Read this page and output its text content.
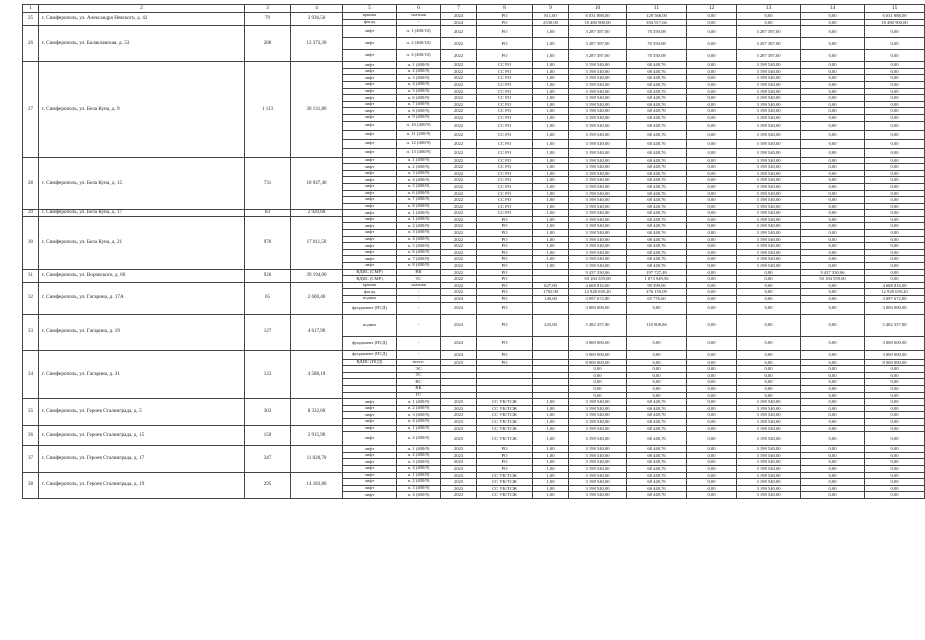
1	2	3	4	5	6	7	8	9	10	11	12	13	14	15
25	г. Симферополь, ул. Александра Невского, д. 42	79	3 936,50	крыша	скатная	2024	РО	811,00	6 031 888,00	128 568,00	0,00	0,00	0,00	6 031 888,00
				фасад	-	2024	РО	2530,00	18 480 900,00	394 917,66	0,00	0,00	0,00	18 480 900,00
26	г. Симферополь, ул. Балаклавская, д. 53	288	12 373,30	лифт	п. 1 (400/10)	2022	РО	1,00	3 287 387,00	70 350,08	0,00	3 287 387,00	0,00	0,00
				лифт	п. 2 (400/10)	2022	РО	1,00	3 287 387,00	70 350,08	0,00	3 287 387,00	0,00	0,00
				лифт	п. 3 (400/10)	2022	РО	1,00	3 287 387,00	70 350,08	0,00	3 287 387,00	0,00	0,00
27	г. Симферополь, ул. Бела Куна, д. 9	1 113	30 131,80	лифт	п. 1 (400/9)	2022	СС РО	1,00	3 198 540,00	68 448,76	0,00	3 198 540,00	0,00	0,00
				лифт	п. 2 (400/9)	2022	СС РО	1,00	3 198 540,00	68 448,76	0,00	3 198 540,00	0,00	0,00
				лифт	п. 3 (400/9)	2022	СС РО	1,00	3 198 540,00	68 448,76	0,00	3 198 540,00	0,00	0,00
				лифт	п. 4 (400/9)	2022	СС РО	1,00	3 198 540,00	68 448,76	0,00	3 198 540,00	0,00	0,00
				лифт	п. 5 (400/9)	2022	СС РО	1,00	3 198 540,00	68 448,76	0,00	3 198 540,00	0,00	0,00
				лифт	п. 6 (400/9)	2022	СС РО	1,00	3 198 540,00	68 448,76	0,00	3 198 540,00	0,00	0,00
				лифт	п. 7 (400/9)	2022	СС РО	1,00	3 198 540,00	68 448,76	0,00	3 198 540,00	0,00	0,00
				лифт	п. 8 (400/9)	2022	СС РО	1,00	3 198 540,00	68 448,76	0,00	3 198 540,00	0,00	0,00
				лифт	п. 9 (400/9)	2022	СС РО	1,00	3 198 540,00	68 448,76	0,00	3 198 540,00	0,00	0,00
				лифт	п. 10 (400/9)	2022	СС РО	1,00	3 198 540,00	68 448,76	0,00	3 198 540,00	0,00	0,00
				лифт	п. 11 (400/9)	2022	СС РО	1,00	3 198 540,00	68 448,76	0,00	3 198 540,00	0,00	0,00
				лифт	п. 12 (400/9)	2022	СС РО	1,00	3 198 540,00	68 448,76	0,00	3 198 540,00	0,00	0,00
				лифт	п. 13 (400/9)	2022	СС РО	1,00	3 198 540,00	68 448,76	0,00	3 198 540,00	0,00	0,00
28	г. Симферополь, ул. Бела Куна, д. 15	731	18 947,40	лифт	п. 1 (400/9)	2022	СС РО	1,00	3 198 540,00	68 448,76	0,00	3 198 540,00	0,00	0,00
				лифт	п. 2 (400/9)	2022	СС РО	1,00	3 198 540,00	68 448,76	0,00	3 198 540,00	0,00	0,00
				лифт	п. 3 (400/9)	2022	СС РО	1,00	3 198 540,00	68 448,76	0,00	3 198 540,00	0,00	0,00
				лифт	п. 4 (400/9)	2022	СС РО	1,00	3 198 540,00	68 448,76	0,00	3 198 540,00	0,00	0,00
				лифт	п. 5 (400/9)	2022	СС РО	1,00	3 198 540,00	68 448,76	0,00	3 198 540,00	0,00	0,00
				лифт	п. 6 (400/9)	2022	СС РО	1,00	3 198 540,00	68 448,76	0,00	3 198 540,00	0,00	0,00
				лифт	п. 7 (400/9)	2022	СС РО	1,00	3 198 540,00	68 448,76	0,00	3 198 540,00	0,00	0,00
				лифт	п. 8 (400/9)	2022	СС РО	1,00	3 198 540,00	68 448,76	0,00	3 198 540,00	0,00	0,00
29	г. Симферополь, ул. Бела Куна, д. 17	83	2 920,60	лифт	п. 1 (400/9)	2022	СС РО	1,00	3 198 540,00	68 448,76	0,00	3 198 540,00	0,00	0,00
30	г. Симферополь, ул. Бела Куна, д. 21	976	17 011,50	лифт	п. 1 (400/9)	2022	РО	1,00	3 198 540,00	68 448,76	0,00	3 198 540,00	0,00	0,00
				лифт	п. 2 (400/9)	2022	РО	1,00	3 198 540,00	68 448,76	0,00	3 198 540,00	0,00	0,00
				лифт	п. 3 (400/9)	2022	РО	1,00	3 198 540,00	68 448,76	0,00	3 198 540,00	0,00	0,00
				лифт	п. 4 (400/9)	2022	РО	1,00	3 198 540,00	68 448,76	0,00	3 198 540,00	0,00	0,00
				лифт	п. 5 (400/9)	2022	РО	1,00	3 198 540,00	68 448,76	0,00	3 198 540,00	0,00	0,00
				лифт	п. 6 (400/9)	2022	РО	1,00	3 198 540,00	68 448,76	0,00	3 198 540,00	0,00	0,00
				лифт	п. 7 (400/9)	2022	РО	1,00	3 198 540,00	68 448,76	0,00	3 198 540,00	0,00	0,00
				лифт	п. 8 (400/9)	2022	РО	1,00	3 198 540,00	68 448,76	0,00	3 198 540,00	0,00	0,00
31	г. Симферополь, ул. Воровского, д. 60	926	39 194,00	ВДИС (СМР)	ВК	2022	РО		9 437 330,06	197 727,49	0,00	0,00	9 437 330,06	0,00
				ВДИС (СМР)	ТС	2022	РО		50 184 559,00	1 073 949,56	0,00	0,00	50 184 559,00	0,00
32	г. Симферополь, ул. Гагарина, д. 17А	65	2 600,40	крыша	скатная	2022	РО	627,00	4 668 816,00	99 399,06	0,00	0,00	0,00	4 668 816,00
				фасад	-	2022	РО	1782,90	12 928 639,20	276 159,09	0,00	0,00	0,00	12 928 639,20
				подвал	-	2024	РО	140,00	3 097 672,80	65 776,60	0,00	0,00	0,00	3 097 672,80
				фундамент (ПСД)	-	2024	РО		3 000 000,00	0,00	0,00	0,00	0,00	3 000 000,00
33	г. Симферополь, ул. Гагарина, д. 19	127	4 617,90	подвал	-	2024	РО	225,00	5 482 357,80	116 808,86	0,00	0,00	0,00	5 482 357,80
				фундамент (ПСД)	-	2024	РО		3 000 000,00	0,00	0,00	0,00	0,00	3 000 000,00
34	г. Симферополь, ул. Гагарина, д. 31	123	4 588,10	фундамент (ПСД)	-	2024	РО		3 000 000,00	0,00	0,00	0,00	0,00	3 000 000,00
				ВДИС (ПСД)	всего:	2023	РО		8 000 000,00	0,00	0,00	0,00	0,00	8 000 000,00
					ЭС				0,00	0,00	0,00	0,00	0,00	0,00
					ТС				0,00	0,00	0,00	0,00	0,00	0,00
					ВС				0,00	0,00	0,00	0,00	0,00	0,00
					ВК				0,00	0,00	0,00	0,00	0,00	0,00
					ГС				0,00	0,00	0,00	0,00	0,00	0,00
35	г. Симферополь, ул. Героев Сталинграда, д. 5	303	8 332,60	лифт	п. 1 (400/9)	2023	СС УК/ТСЖ	1,00	3 198 540,00	68 448,76	0,00	3 198 540,00	0,00	0,00
				лифт	п. 2 (400/9)	2023	СС УК/ТСЖ	1,00	3 198 540,00	68 448,76	0,00	3 198 540,00	0,00	0,00
				лифт	п. 3 (400/9)	2023	СС УК/ТСЖ	1,00	3 198 540,00	68 448,76	0,00	3 198 540,00	0,00	0,00
				лифт	п. 4 (400/9)	2023	СС УК/ТСЖ	1,00	3 198 540,00	68 448,76	0,00	3 198 540,00	0,00	0,00
36	г. Симферополь, ул. Героев Сталинграда, д. 15	150	3 915,90	лифт	п. 1 (400/9)	2023	СС УК/ТСЖ	1,00	3 198 540,00	68 448,76	0,00	3 198 540,00	0,00	0,00
				лифт	п. 2 (400/9)	2023	СС УК/ТСЖ	1,00	3 198 540,00	68 448,76	0,00	3 198 540,00	0,00	0,00
37	г. Симферополь, ул. Героев Сталинграда, д. 17	347	11 028,70	лифт	п. 1 (400/9)	2023	РО	1,00	3 198 540,00	68 448,76	0,00	3 198 540,00	0,00	0,00
				лифт	п. 2 (400/9)	2023	РО	1,00	3 198 540,00	68 448,76	0,00	3 198 540,00	0,00	0,00
				лифт	п. 3 (400/9)	2023	РО	1,00	3 198 540,00	68 448,76	0,00	3 198 540,00	0,00	0,00
				лифт	п. 4 (400/9)	2023	РО	1,00	3 198 540,00	68 448,76	0,00	3 198 540,00	0,00	0,00
38	г. Симферополь, ул. Героев Сталинграда, д. 19	295	14 183,80	лифт	п. 1 (400/9)	2023	СС УК/ТСЖ	1,00	3 198 540,00	68 448,76	0,00	3 198 540,00	0,00	0,00
				лифт	п. 2 (400/9)	2023	СС УК/ТСЖ	1,00	3 198 540,00	68 448,76	0,00	3 198 540,00	0,00	0,00
				лифт	п. 3 (400/9)	2023	СС УК/ТСЖ	1,00	3 198 540,00	68 448,76	0,00	3 198 540,00	0,00	0,00
				лифт	п. 4 (400/9)	2023	СС УК/ТСЖ	1,00	3 198 540,00	68 448,76	0,00	3 198 540,00	0,00	0,00
